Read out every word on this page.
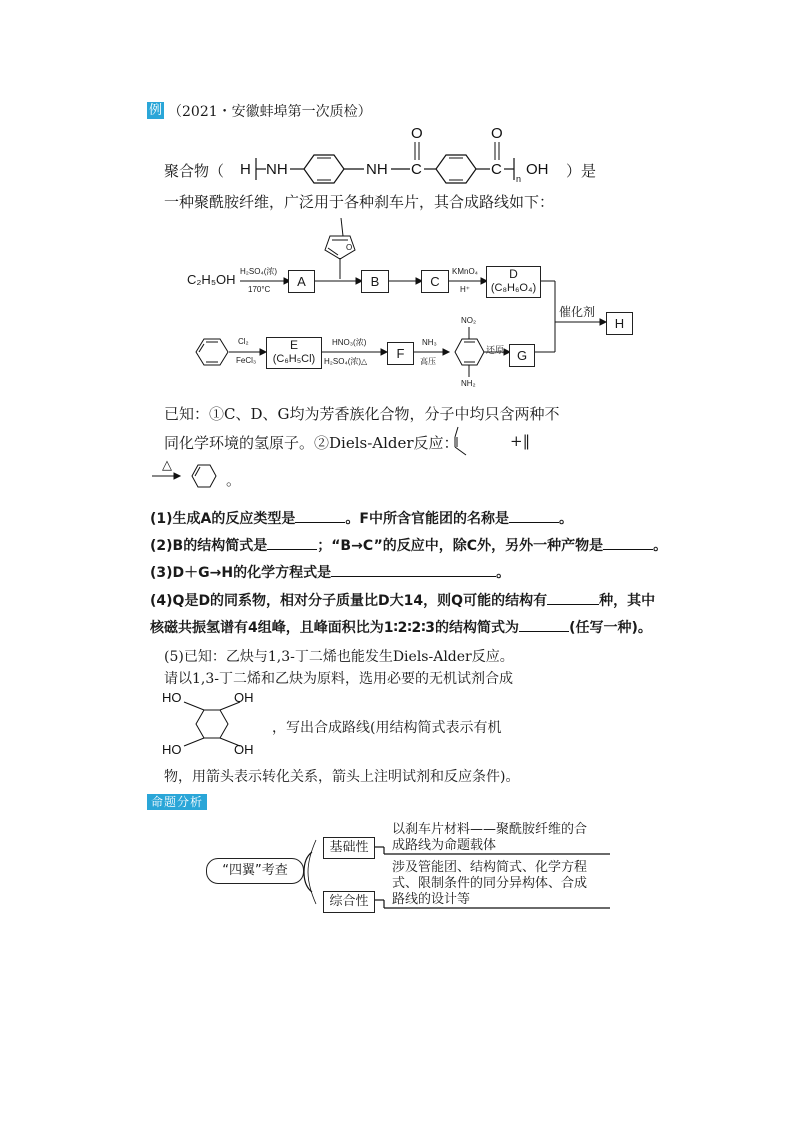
例 （2021・安徽蚌埠第一次质检）
聚合物（ H NH	NH C
O
C
O
n
OH ）是
一种聚酰胺纤维，广泛用于各种刹车片，其合成路线如下：
O
C₂H₅OH
H₂SO₄(浓)
170°C
A	B	C
KMnO₄
H⁺
D
(C₈H₆O₄)
催化剂
H
Cl₂
FeCl₃
E
(C₆H₅Cl)
HNO₃(浓)
H₂SO₄(浓)△
F
NH₃
高压
NO₂
NH₂
还原 G
已知：①C、D、G均为芳香族化合物，分子中均只含两种不
同化学环境的氢原子。②Diels-Alder反应：	+‖
△
。
(1)生成A的反应类型是	。F中所含官能团的名称是	。
(2)B的结构简式是	；“B→C”的反应中，除C外，另外一种产物是	。
(3)D＋G→H的化学方程式是	。
(4)Q是D的同系物，相对分子质量比D大14，则Q可能的结构有	种，其中
核磁共振氢谱有4组峰，且峰面积比为1∶2∶2∶3的结构简式为	(任写一种)。
(5)已知：乙炔与1,3-丁二烯也能发生Diels-Alder反应。
请以1,3-丁二烯和乙炔为原料，选用必要的无机试剂合成
HO	OH
HO	OH
，写出合成路线(用结构简式表示有机
物，用箭头表示转化关系，箭头上注明试剂和反应条件)。
命题分析
“四翼”考查
基础性
综合性
以刹车片材料——聚酰胺纤维的合
成路线为命题载体
涉及管能团、结构简式、化学方程
式、限制条件的同分异构体、合成
路线的设计等
